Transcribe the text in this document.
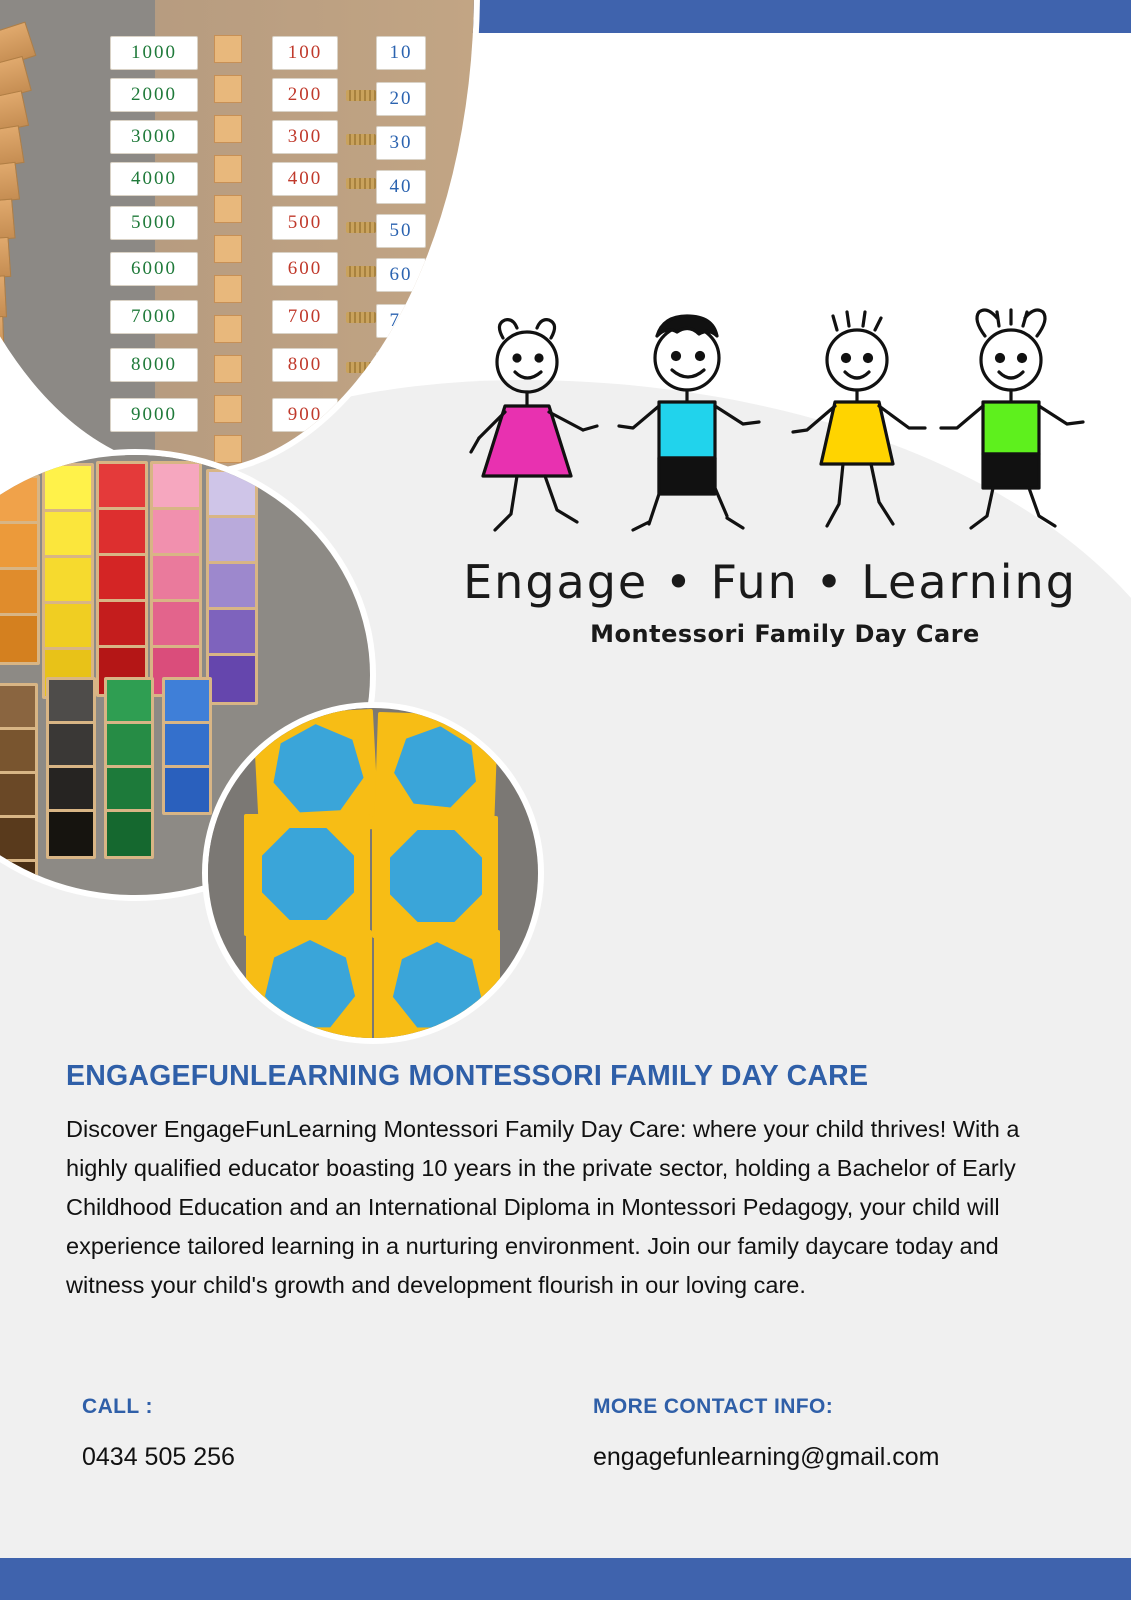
1000
2000
3000
4000
5000
6000
7000
8000
9000
100
200
300
400
500
600
700
800
900
10
20
30
40
50
60
70
80
90
Engage • Fun • Learning
Montessori Family Day Care
ENGAGEFUNLEARNING MONTESSORI FAMILY DAY CARE
Discover EngageFunLearning Montessori Family Day Care: where your child thrives! With a highly qualified educator boasting 10 years in the private sector, holding a Bachelor of Early Childhood Education and an International Diploma in Montessori Pedagogy, your child will experience tailored learning in a nurturing environment. Join our family daycare today and witness your child's growth and development flourish in our loving care.
CALL :
0434 505 256
MORE CONTACT INFO:
engagefunlearning@gmail.com
